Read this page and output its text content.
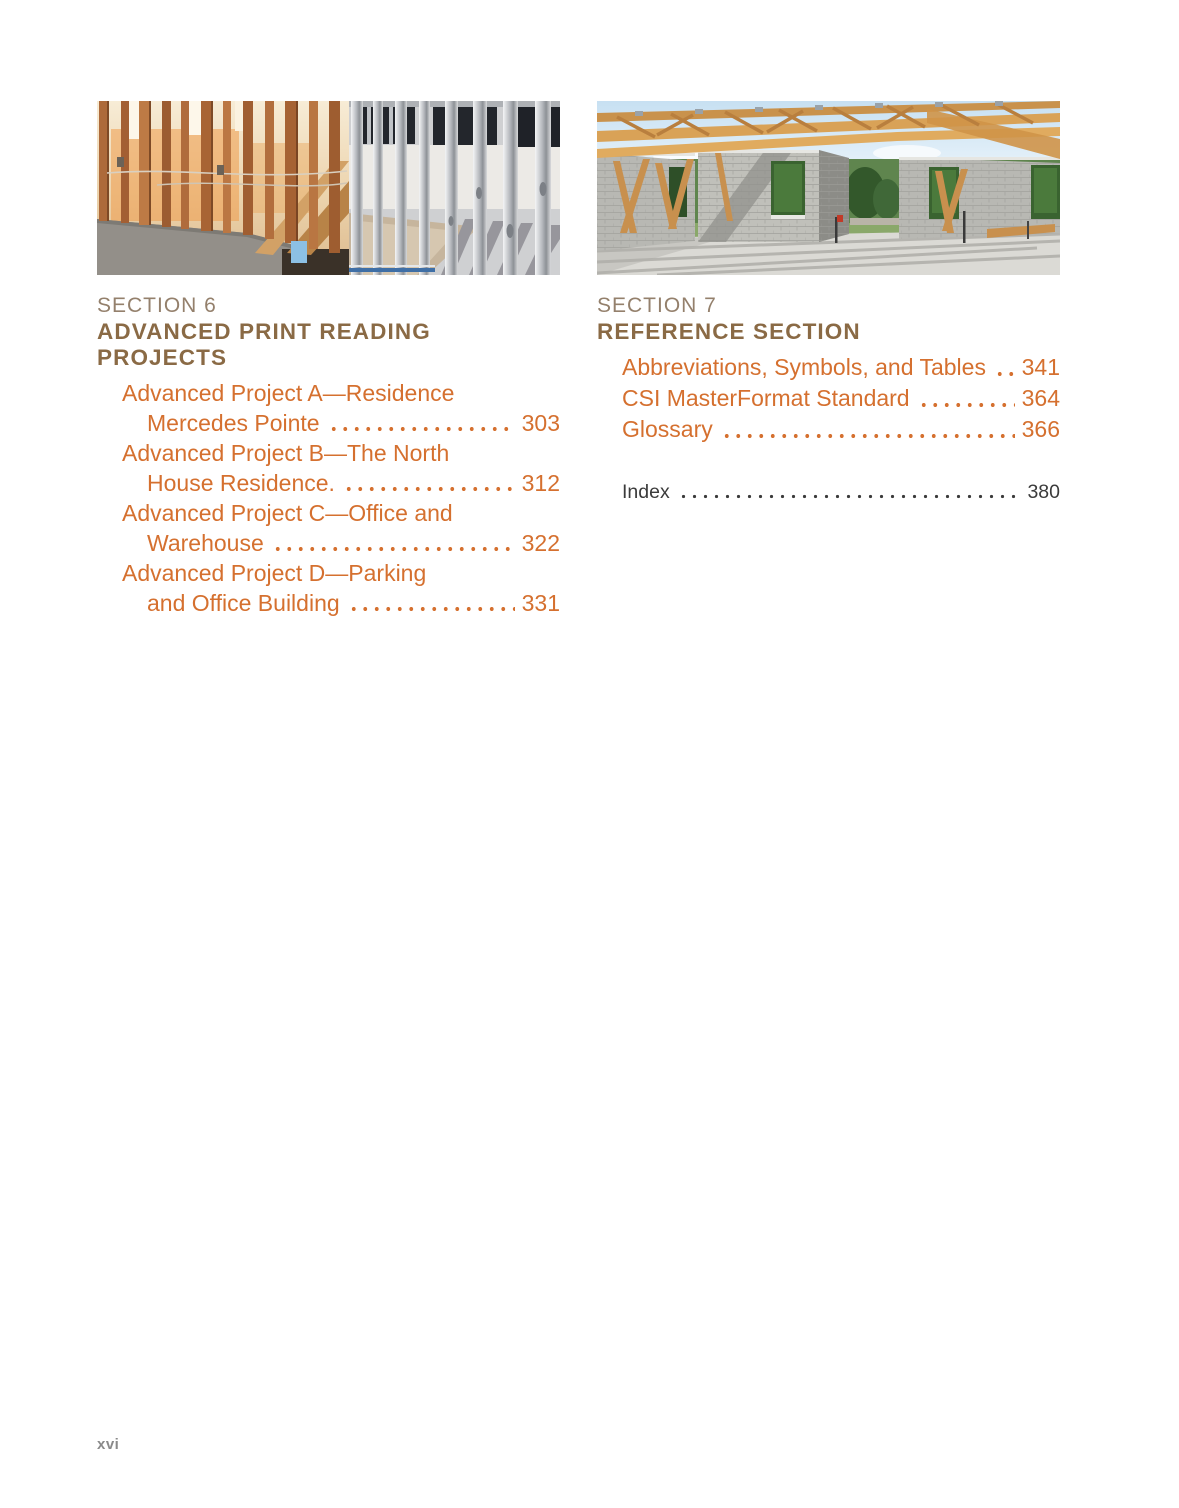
SECTION 6
ADVANCED PRINT READING PROJECTS
Advanced Project A—Residence
Mercedes Pointe	303
Advanced Project B—The North
House Residence.	312
Advanced Project C—Office and
Warehouse	322
Advanced Project D—Parking
and Office Building	331
SECTION 7
REFERENCE SECTION
Abbreviations, Symbols, and Tables 341
CSI MasterFormat Standard	364
Glossary	366
Index	380
xvi
